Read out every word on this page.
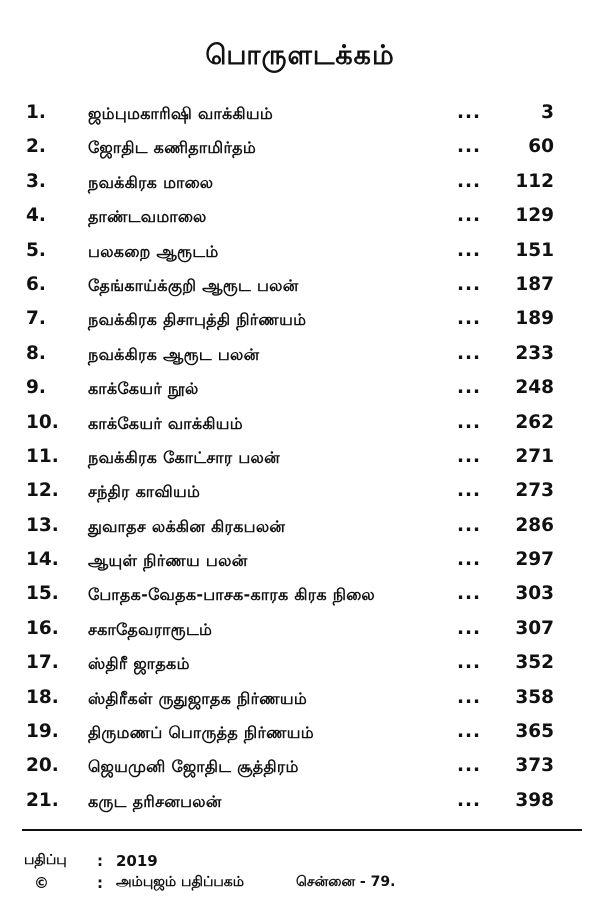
பொருளடக்கம்
1.	ஜம்புமகாரிஷி வாக்கியம்	...	3
2.	ஜோதிட கணிதாமிர்தம்	...	60
3.	நவக்கிரக மாலை	... 112
4.	தாண்டவமாலை	... 129
5.	பலகறை ஆரூடம்	... 151
6.	தேங்காய்க்குறி ஆரூட பலன்	... 187
7.	நவக்கிரக திசாபுத்தி நிர்ணயம்	... 189
8.	நவக்கிரக ஆரூட பலன்	... 233
9.	காக்கேயர் நூல்	... 248
10. காக்கேயர் வாக்கியம்	... 262
11. நவக்கிரக கோட்சார பலன்	... 271
12. சந்திர காவியம்	... 273
13. துவாதச லக்கின கிரகபலன்	... 286
14. ஆயுள் நிர்ணய பலன்	... 297
15. போதக-வேதக-பாசக-காரக கிரக நிலை	... 303
16. சகாதேவராரூடம்	... 307
17. ஸ்திரீ ஜாதகம்	... 352
18. ஸ்திரீகள் ருதுஜாதக நிர்ணயம்	... 358
19. திருமணப் பொருத்த நிர்ணயம்	... 365
20. ஜெயமுனி ஜோதிட சூத்திரம்	... 373
21. கருட தரிசனபலன்	... 398
பதிப்பு : 2019
©	: அம்புஜம் பதிப்பகம்	சென்னை - 79.
